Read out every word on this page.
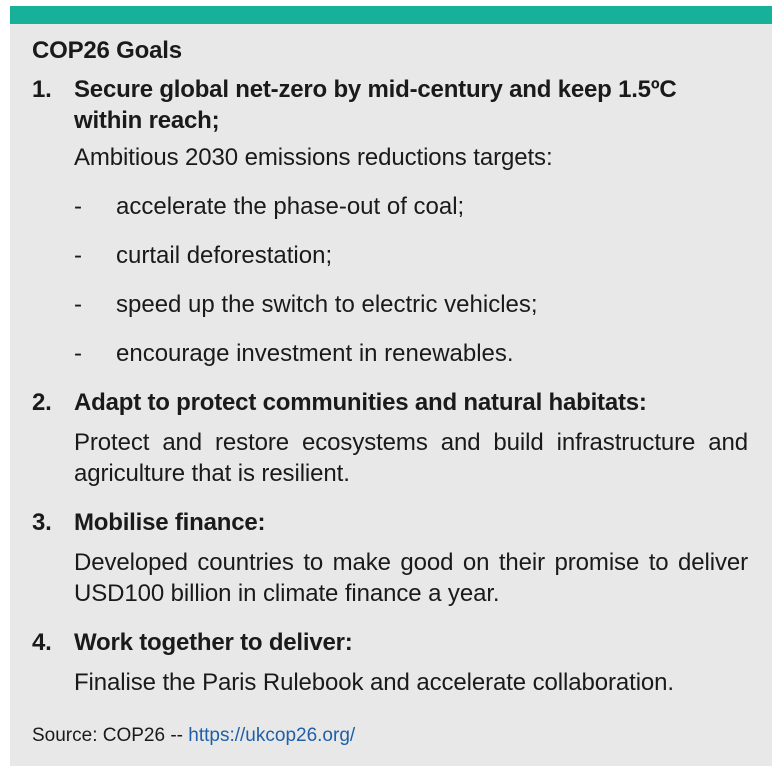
COP26 Goals
1. Secure global net-zero by mid-century and keep 1.5ºC
within reach;
Ambitious 2030 emissions reductions targets:
-	accelerate the phase-out of coal;
-	curtail deforestation;
-	speed up the switch to electric vehicles;
-	encourage investment in renewables.
2. Adapt to protect communities and natural habitats:
Protect and restore ecosystems and build infrastructure and agriculture that is resilient.
3. Mobilise finance:
Developed countries to make good on their promise to deliver USD100 billion in climate finance a year.
4. Work together to deliver:
Finalise the Paris Rulebook and accelerate collaboration.
Source: COP26 -- https://ukcop26.org/
